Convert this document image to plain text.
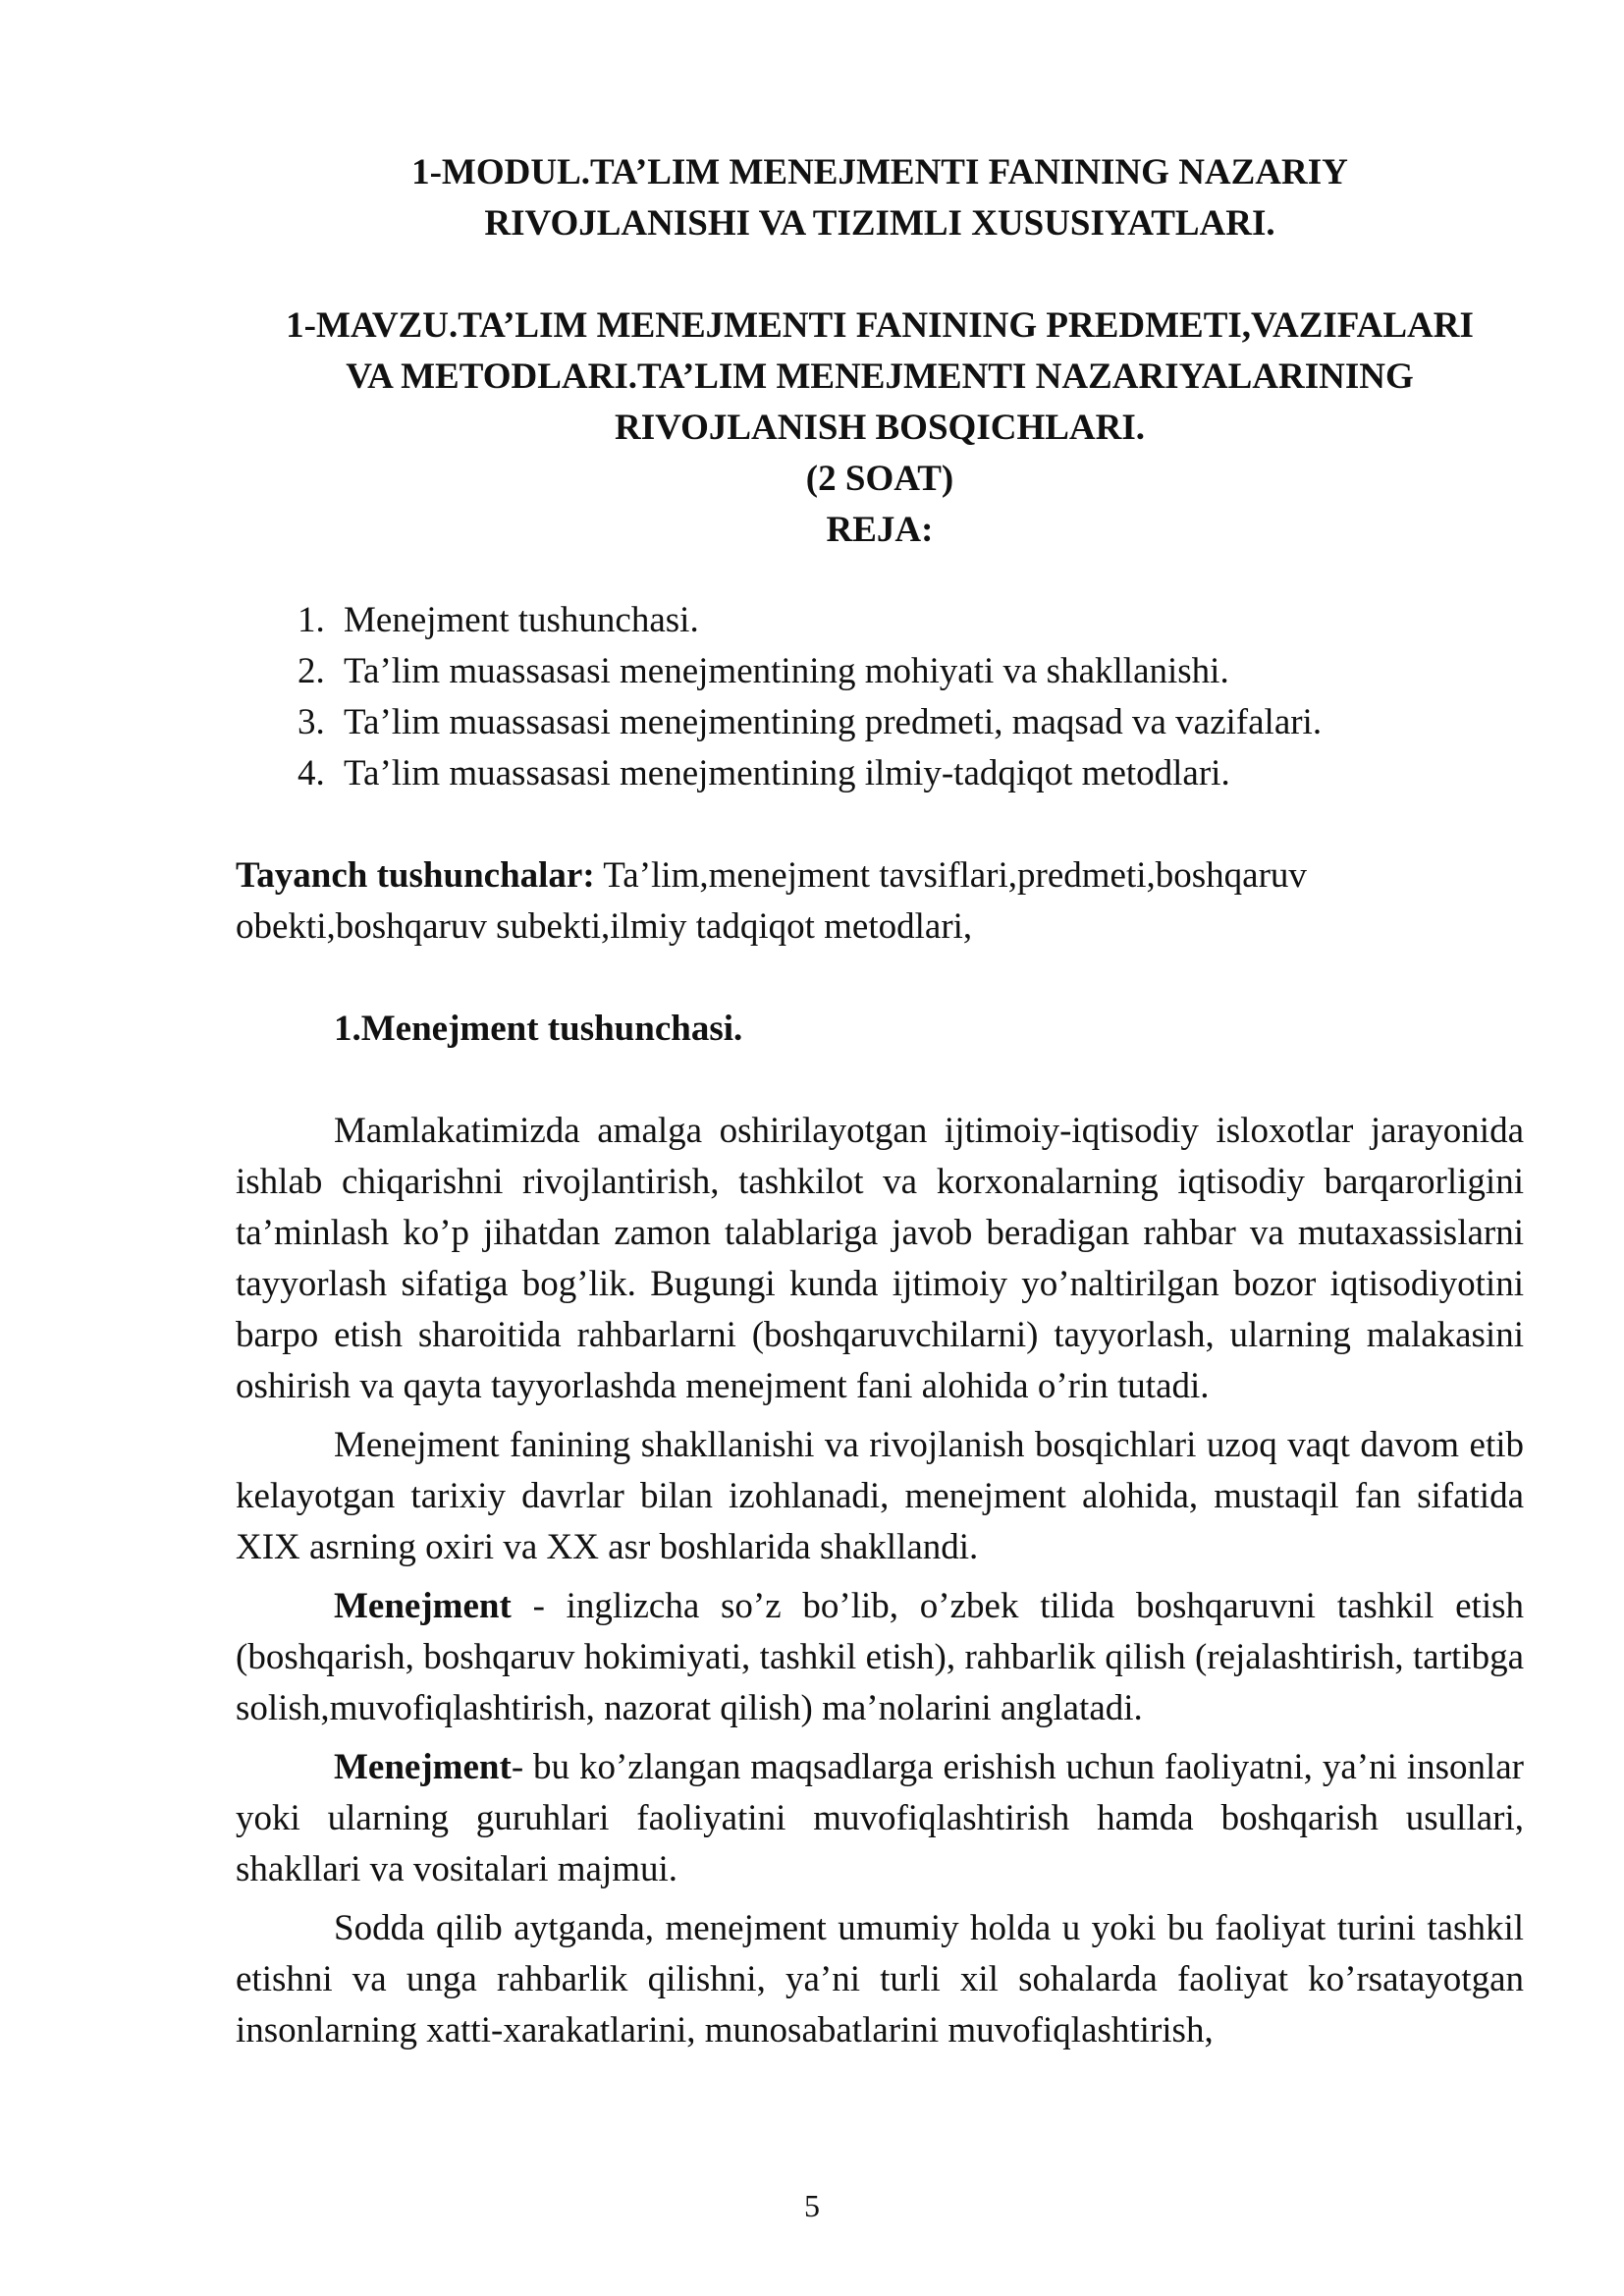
1-MODUL.TA’LIM MENEJMENTI FANINING NAZARIY
RIVOJLANISHI VA TIZIMLI XUSUSIYATLARI.
1-MAVZU.TA’LIM MENEJMENTI FANINING PREDMETI,VAZIFALARI
VA METODLARI.TA’LIM MENEJMENTI NAZARIYALARINING
RIVOJLANISH BOSQICHLARI.
(2 SOAT)
REJA:
1. Menejment tushunchasi.
2. Ta’lim muassasasi menejmentining mohiyati va shakllanishi.
3. Ta’lim muassasasi menejmentining predmeti, maqsad va vazifalari.
4. Ta’lim muassasasi menejmentining ilmiy-tadqiqot metodlari.
Tayanch tushunchalar: Ta’lim,menejment tavsiflari,predmeti,boshqaruv obekti,boshqaruv subekti,ilmiy tadqiqot metodlari,
1.Menejment tushunchasi.

Mamlakatimizda amalga oshirilayotgan ijtimoiy-iqtisodiy isloxotlar jarayonida ishlab chiqarishni rivojlantirish, tashkilot va korxonalarning iqtisodiy barqarorligini ta’minlash ko’p jihatdan zamon talablariga javob beradigan rahbar va mutaxassislarni tayyorlash sifatiga bog’lik. Bugungi kunda ijtimoiy yo’naltirilgan bozor iqtisodiyotini barpo etish sharoitida rahbarlarni (boshqaruvchilarni) tayyorlash, ularning malakasini oshirish va qayta tayyorlashda menejment fani alohida o’rin tutadi.

Menejment fanining shakllanishi va rivojlanish bosqichlari uzoq vaqt davom etib kelayotgan tarixiy davrlar bilan izohlanadi, menejment alohida, mustaqil fan sifatida XIX asrning oxiri va XX asr boshlarida shakllandi.

Menejment - inglizcha so’z bo’lib, o’zbek tilida boshqaruvni tashkil etish (boshqarish, boshqaruv hokimiyati, tashkil etish), rahbarlik qilish (rejalashtirish, tartibga solish,muvofiqlashtirish, nazorat qilish) ma’nolarini anglatadi.

Menejment- bu ko’zlangan maqsadlarga erishish uchun faoliyatni, ya’ni insonlar yoki ularning guruhlari faoliyatini muvofiqlashtirish hamda boshqarish usullari, shakllari va vositalari majmui.

Sodda qilib aytganda, menejment umumiy holda u yoki bu faoliyat turini tashkil etishni va unga rahbarlik qilishni, ya’ni turli xil sohalarda faoliyat ko’rsatayotgan insonlarning xatti-xarakatlarini, munosabatlarini muvofiqlashtirish,

5
